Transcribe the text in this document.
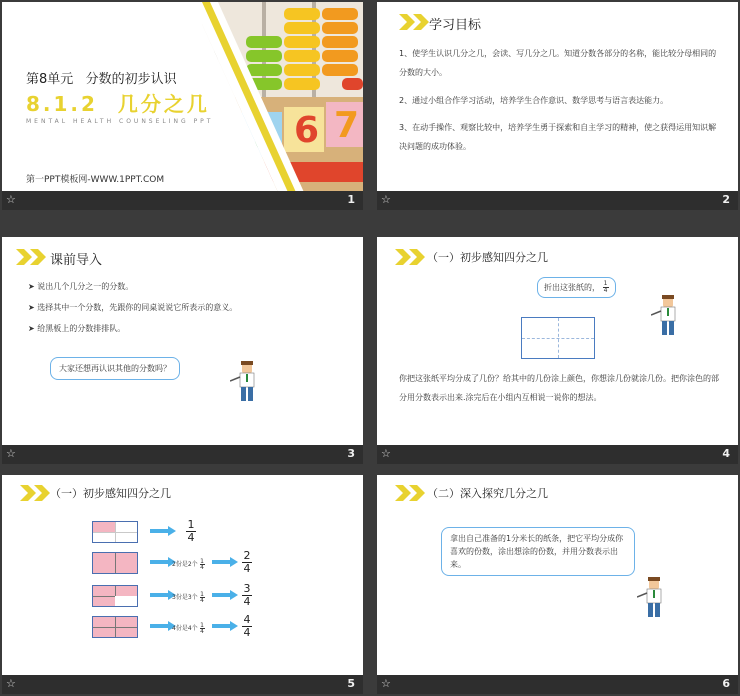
6 7
第8单元   分数的初步认识
8.1.2  几分之几
MENTAL HEALTH COUNSELING PPT
第一PPT模板网-WWW.1PPT.COM
☆	1
学习目标
1、使学生认识几分之几，会读、写几分之几。知道分数各部分的名称，能比较分母相同的分数的大小。
2、通过小组合作学习活动，培养学生合作意识、数学思考与语言表达能力。
3、在动手操作、观察比较中，培养学生勇于探索和自主学习的精神，使之获得运用知识解决问题的成功体验。
☆	2
课前导入
➤ 说出几个几分之一的分数。
➤ 选择其中一个分数，先跟你的同桌说说它所表示的意义。
➤ 给黑板上的分数排排队。
大家还想再认识其他的分数吗？
☆	3
（一）初步感知四分之几
折出这张纸的， $\frac{1}{4}$
你把这张纸平均分成了几份？给其中的几份涂上颜色，你想涂几份就涂几份。把你涂色的部分用分数表示出来.涂完后在小组内互相说一说你的想法。
☆	4
（一）初步感知四分之几
1
4
2份是2个 $\frac{1}{4}$
2
4
3份是3个 $\frac{1}{4}$
3
4
4份是4个 $\frac{1}{4}$
4
4
☆	5
（二）深入探究几分之几
拿出自己准备的1分米长的纸条，把它平均分成你喜欢的份数，涂出想涂的份数，并用分数表示出来。
☆	6
